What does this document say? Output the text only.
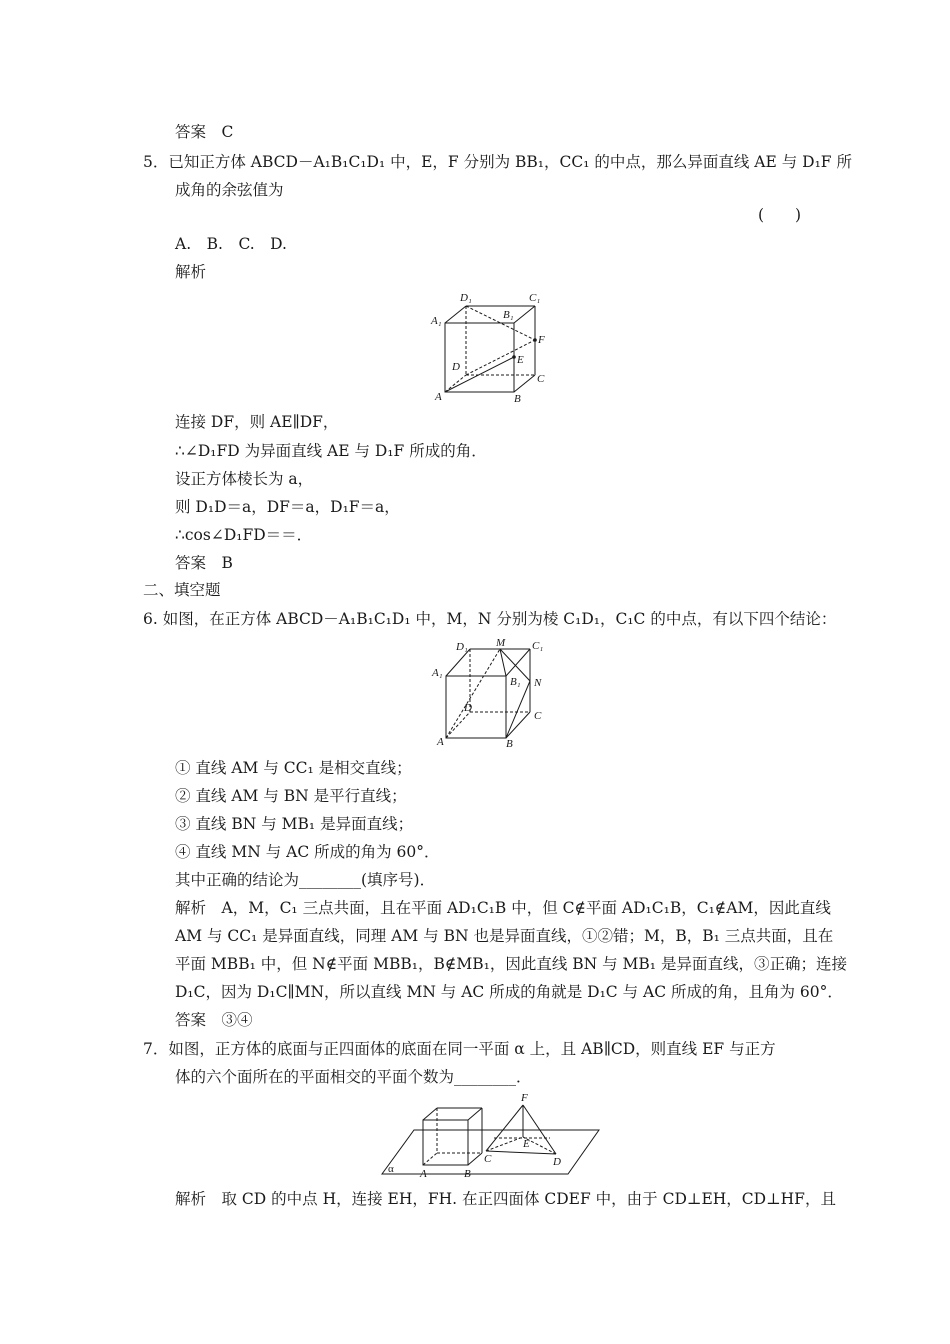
答案　C
5．已知正方体 ABCD－A₁B₁C₁D₁ 中，E，F 分别为 BB₁，CC₁ 的中点，那么异面直线 AE 与 D₁F 所
成角的余弦值为
(　　)
A.　B.　C.　D.
解析
D₁	C₁
A₁	B₁
F
E
D
C
A	B
连接 DF，则 AE∥DF，
∴∠D₁FD 为异面直线 AE 与 D₁F 所成的角．
设正方体棱长为 a，
则 D₁D＝a，DF＝a，D₁F＝a，
∴cos∠D₁FD＝＝．
答案　B
二、填空题
6. 如图，在正方体 ABCD－A₁B₁C₁D₁ 中，M，N 分别为棱 C₁D₁，C₁C 的中点，有以下四个结论：
D₁	M C₁
A₁
B₁ N
D
C
A	B
① 直线 AM 与 CC₁ 是相交直线；
② 直线 AM 与 BN 是平行直线；
③ 直线 BN 与 MB₁ 是异面直线；
④ 直线 MN 与 AC 所成的角为 60°．
其中正确的结论为________(填序号)．
解析　A，M，C₁ 三点共面，且在平面 AD₁C₁B 中，但 C∉平面 AD₁C₁B，C₁∉AM，因此直线
AM 与 CC₁ 是异面直线，同理 AM 与 BN 也是异面直线，①②错；M，B，B₁ 三点共面，且在
平面 MBB₁ 中，但 N∉平面 MBB₁，B∉MB₁，因此直线 BN 与 MB₁ 是异面直线，③正确；连接
D₁C，因为 D₁C∥MN，所以直线 MN 与 AC 所成的角就是 D₁C 与 AC 所成的角，且角为 60°．
答案　③④
7．如图，正方体的底面与正四面体的底面在同一平面 α 上，且 AB∥CD，则直线 EF 与正方
体的六个面所在的平面相交的平面个数为________．
F
E
C	D
A	B
α
解析　取 CD 的中点 H，连接 EH，FH. 在正四面体 CDEF 中，由于 CD⊥EH，CD⊥HF，且
